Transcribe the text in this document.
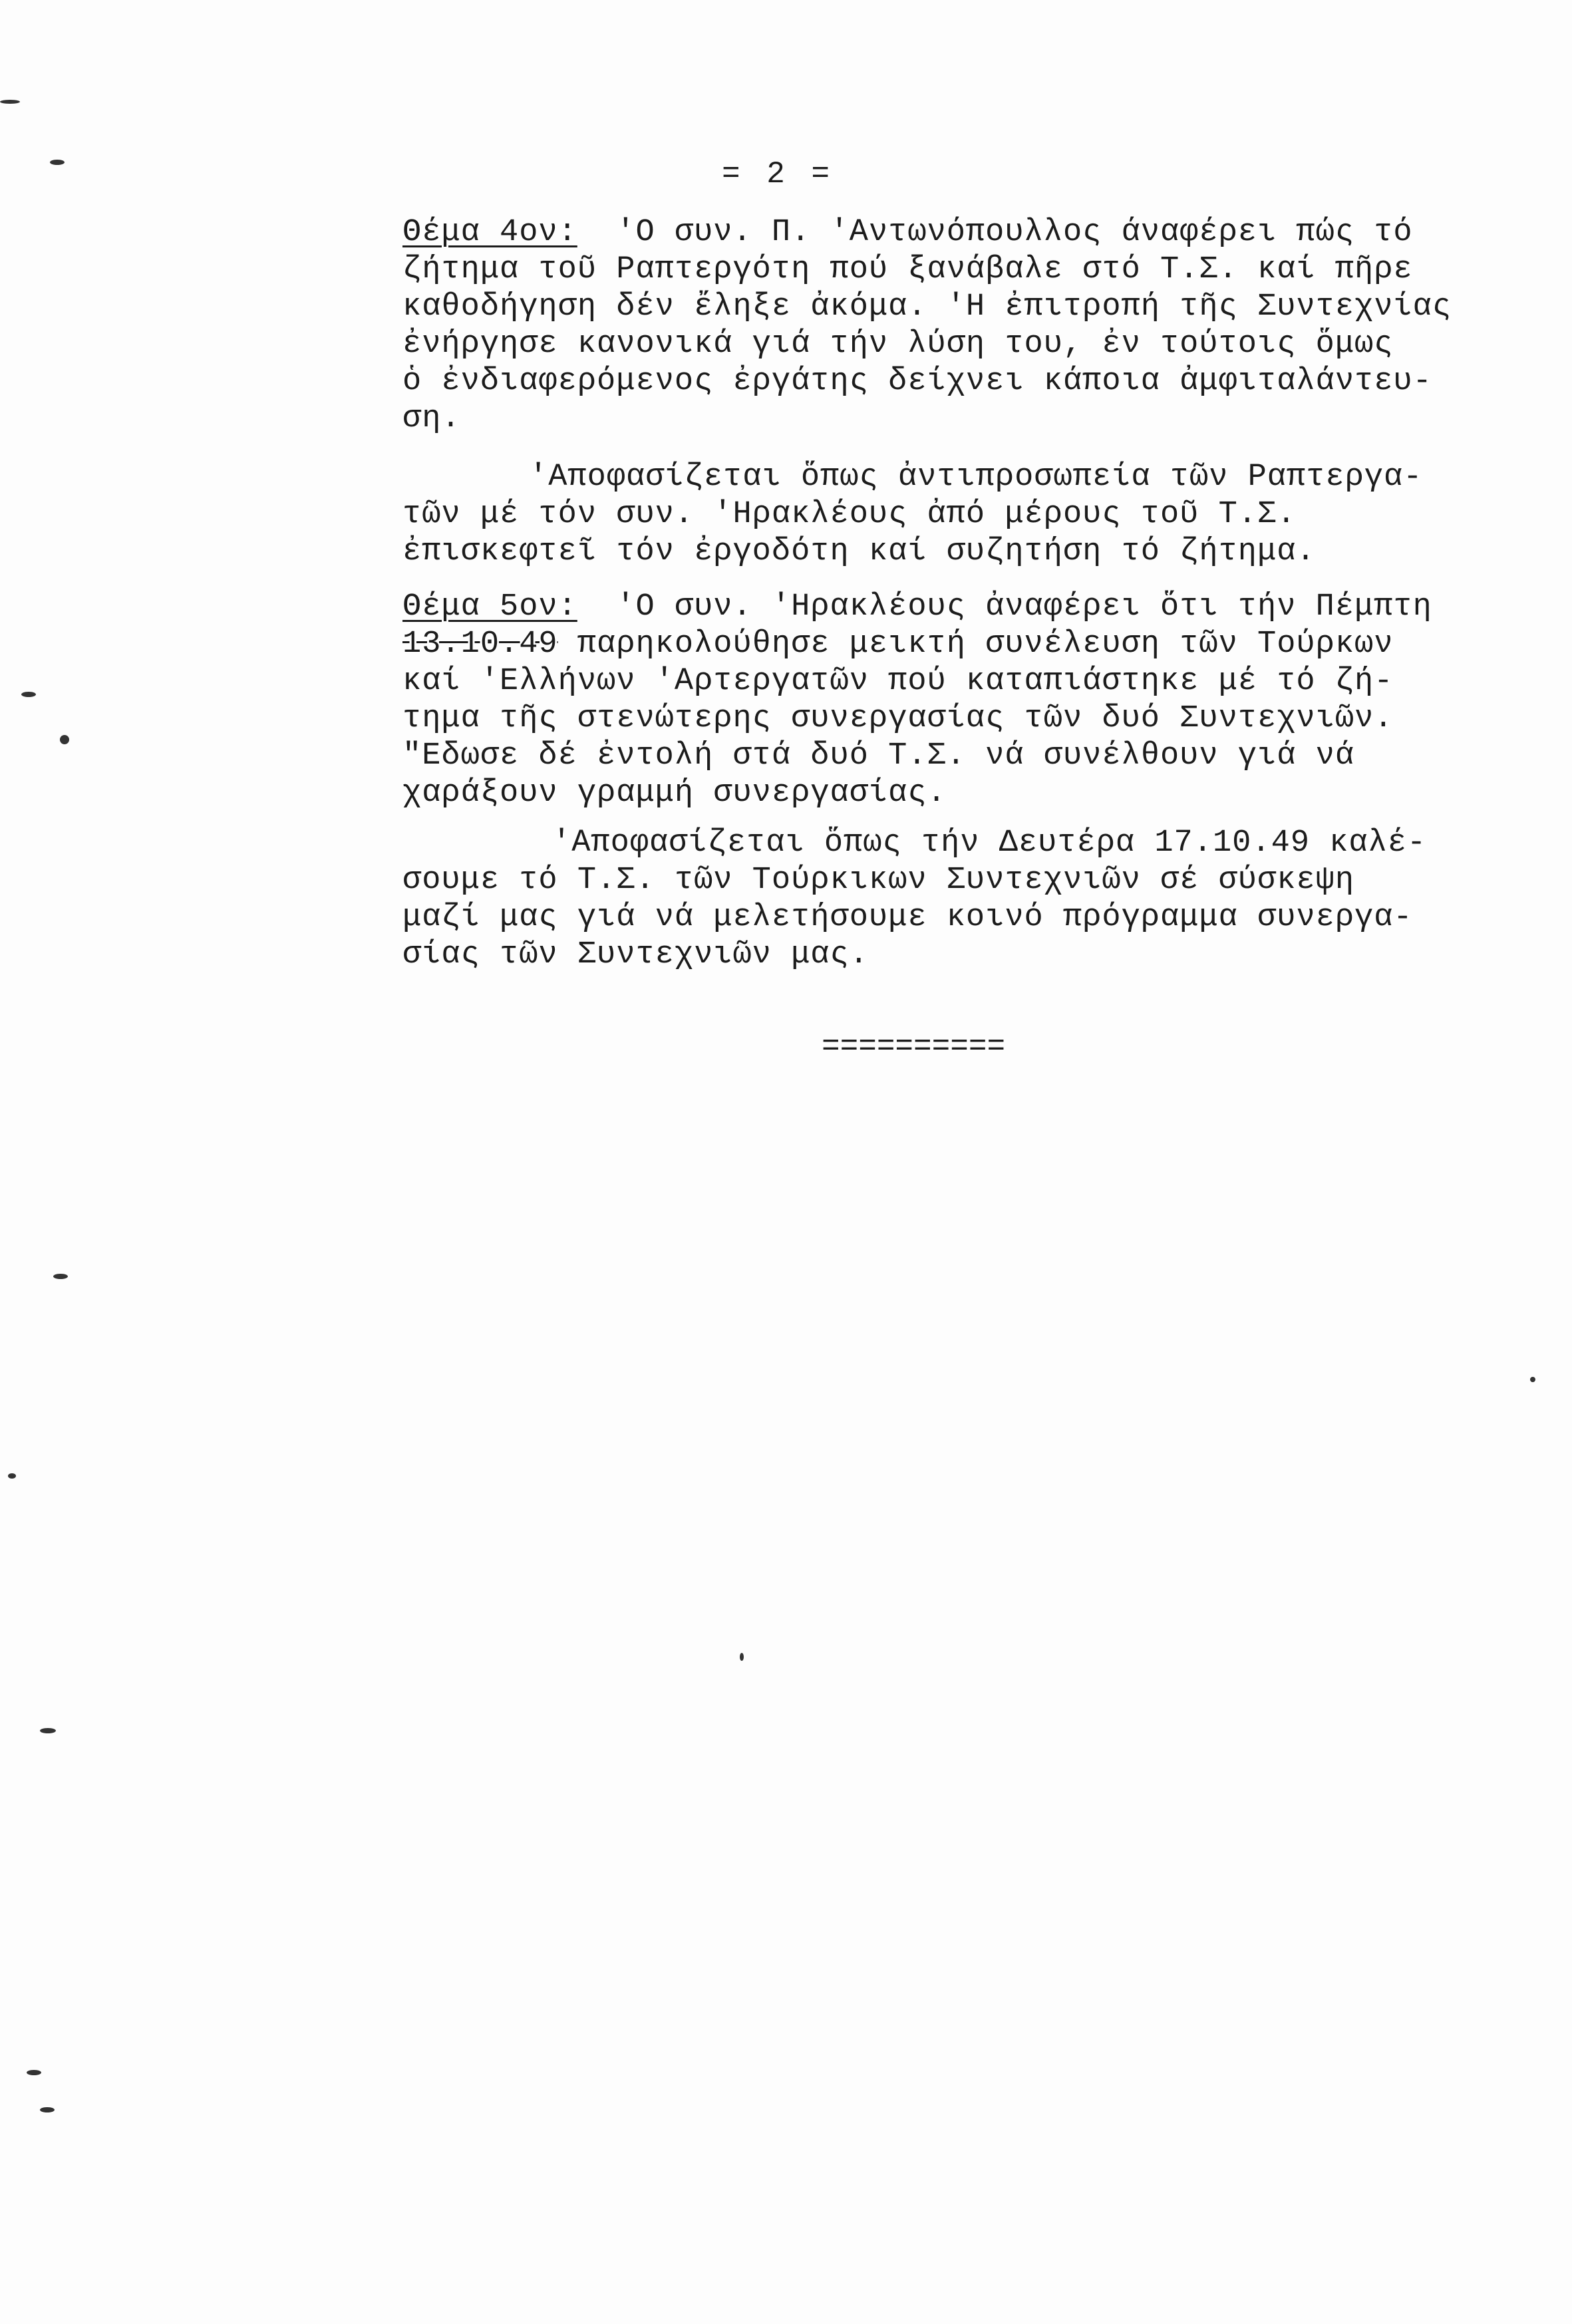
= 2 =
Θέμα 4ον:  'Ο συν. Π. 'Αντωνόπουλλος άναφέρει πώς τό
ζήτημα τοῦ Ραπτεργότη πού ξανάβαλε στό Τ.Σ. καί πῆρε
καθοδήγηση δέν ἔληξε ἀκόμα. 'Η ἐπιτροπή τῆς Συντεχνίας
ἐνήργησε κανονικά γιά τήν λύση του, ἐν τούτοις ὅμως
ὁ ἐνδιαφερόμενος ἐργάτης δείχνει κάποια ἀμφιταλάντευ-
ση.
'Αποφασίζεται ὅπως ἀντιπροσωπεία τῶν Ραπτεργα-
τῶν μέ τόν συν. 'Ηρακλέους ἀπό μέρους τοῦ Τ.Σ.
ἐπισκεφτεῖ τόν ἐργοδότη καί συζητήση τό ζήτημα.
Θέμα 5ον:  'Ο συν. 'Ηρακλέους ἀναφέρει ὅτι τήν Πέμπτη
13.10.49 παρηκολούθησε μεικτή συνέλευση τῶν Τούρκων
καί 'Ελλήνων 'Αρτεργατῶν πού καταπιάστηκε μέ τό ζή-
τημα τῆς στενώτερης συνεργασίας τῶν δυό Συντεχνιῶν.
"Εδωσε δέ ἐντολή στά δυό Τ.Σ. νά συνέλθουν γιά νά
χαράξουν γραμμή συνεργασίας.
'Αποφασίζεται ὅπως τήν Δευτέρα 17.10.49 καλέ-
σουμε τό Τ.Σ. τῶν Τούρκικων Συντεχνιῶν σέ σύσκεψη
μαζί μας γιά νά μελετήσουμε κοινό πρόγραμμα συνεργα-
σίας τῶν Συντεχνιῶν μας.
==========
